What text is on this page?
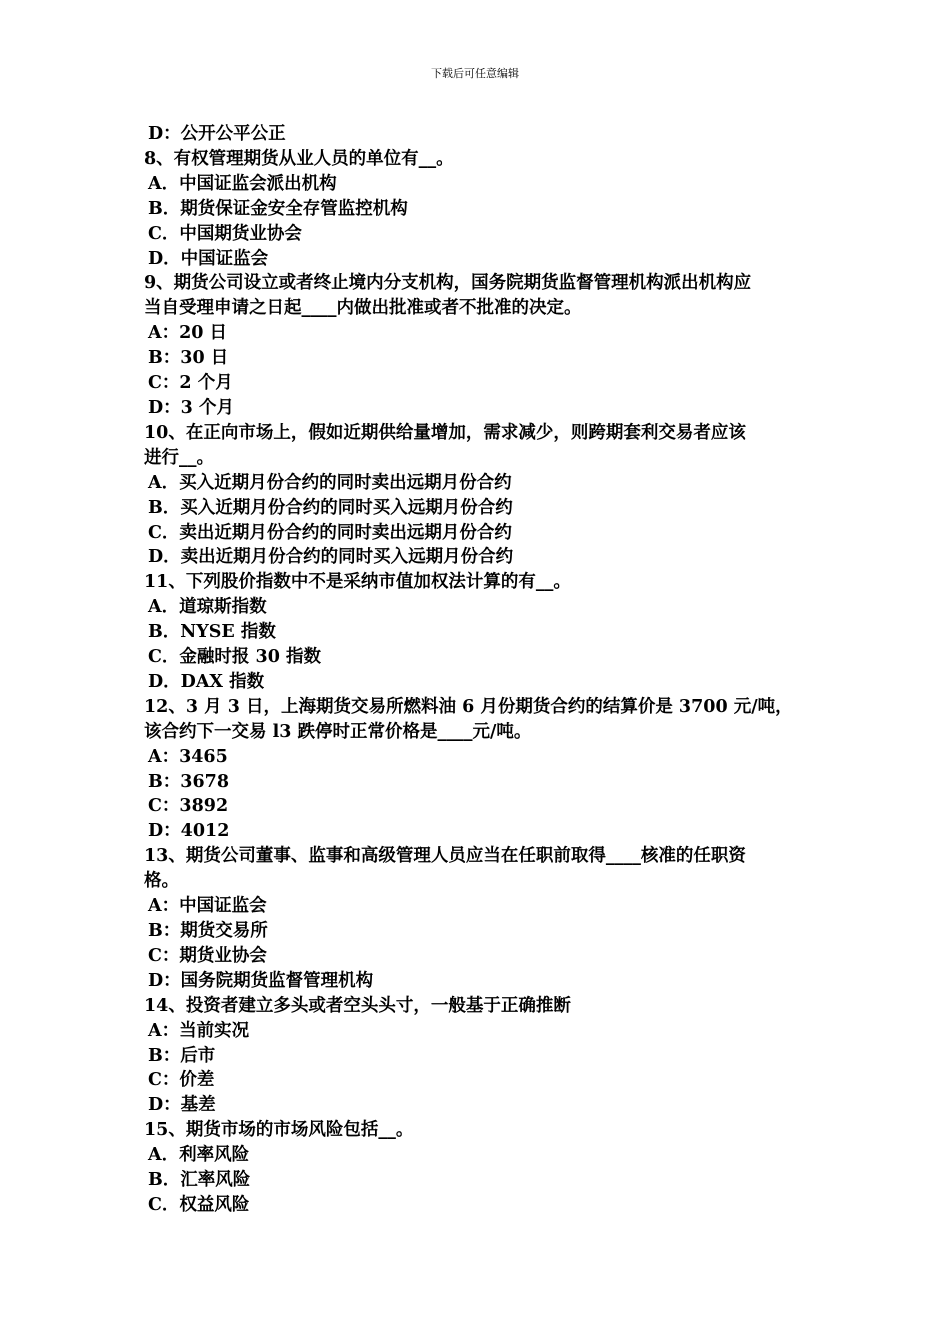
下载后可任意编辑
D：公开公平公正
8、有权管理期货从业人员的单位有__。
A．中国证监会派出机构
B．期货保证金安全存管监控机构
C．中国期货业协会
D．中国证监会
9、期货公司设立或者终止境内分支机构，国务院期货监督管理机构派出机构应
当自受理申请之日起____内做出批准或者不批准的决定。
A：20 日
B：30 日
C：2 个月
D：3 个月
10、在正向市场上，假如近期供给量增加，需求减少，则跨期套利交易者应该
进行__。
A．买入近期月份合约的同时卖出远期月份合约
B．买入近期月份合约的同时买入远期月份合约
C．卖出近期月份合约的同时卖出远期月份合约
D．卖出近期月份合约的同时买入远期月份合约
11、下列股价指数中不是采纳市值加权法计算的有__。
A．道琼斯指数
B．NYSE 指数
C．金融时报 30 指数
D．DAX 指数
12、3 月 3 日，上海期货交易所燃料油 6 月份期货合约的结算价是 3700 元/吨，
该合约下一交易 l3 跌停时正常价格是____元/吨。
A：3465
B：3678
C：3892
D：4012
13、期货公司董事、监事和高级管理人员应当在任职前取得____核准的任职资
格。
A：中国证监会
B：期货交易所
C：期货业协会
D：国务院期货监督管理机构
14、投资者建立多头或者空头头寸，一般基于正确推断
A：当前实况
B：后市
C：价差
D：基差
15、期货市场的市场风险包括__。
A．利率风险
B．汇率风险
C．权益风险
